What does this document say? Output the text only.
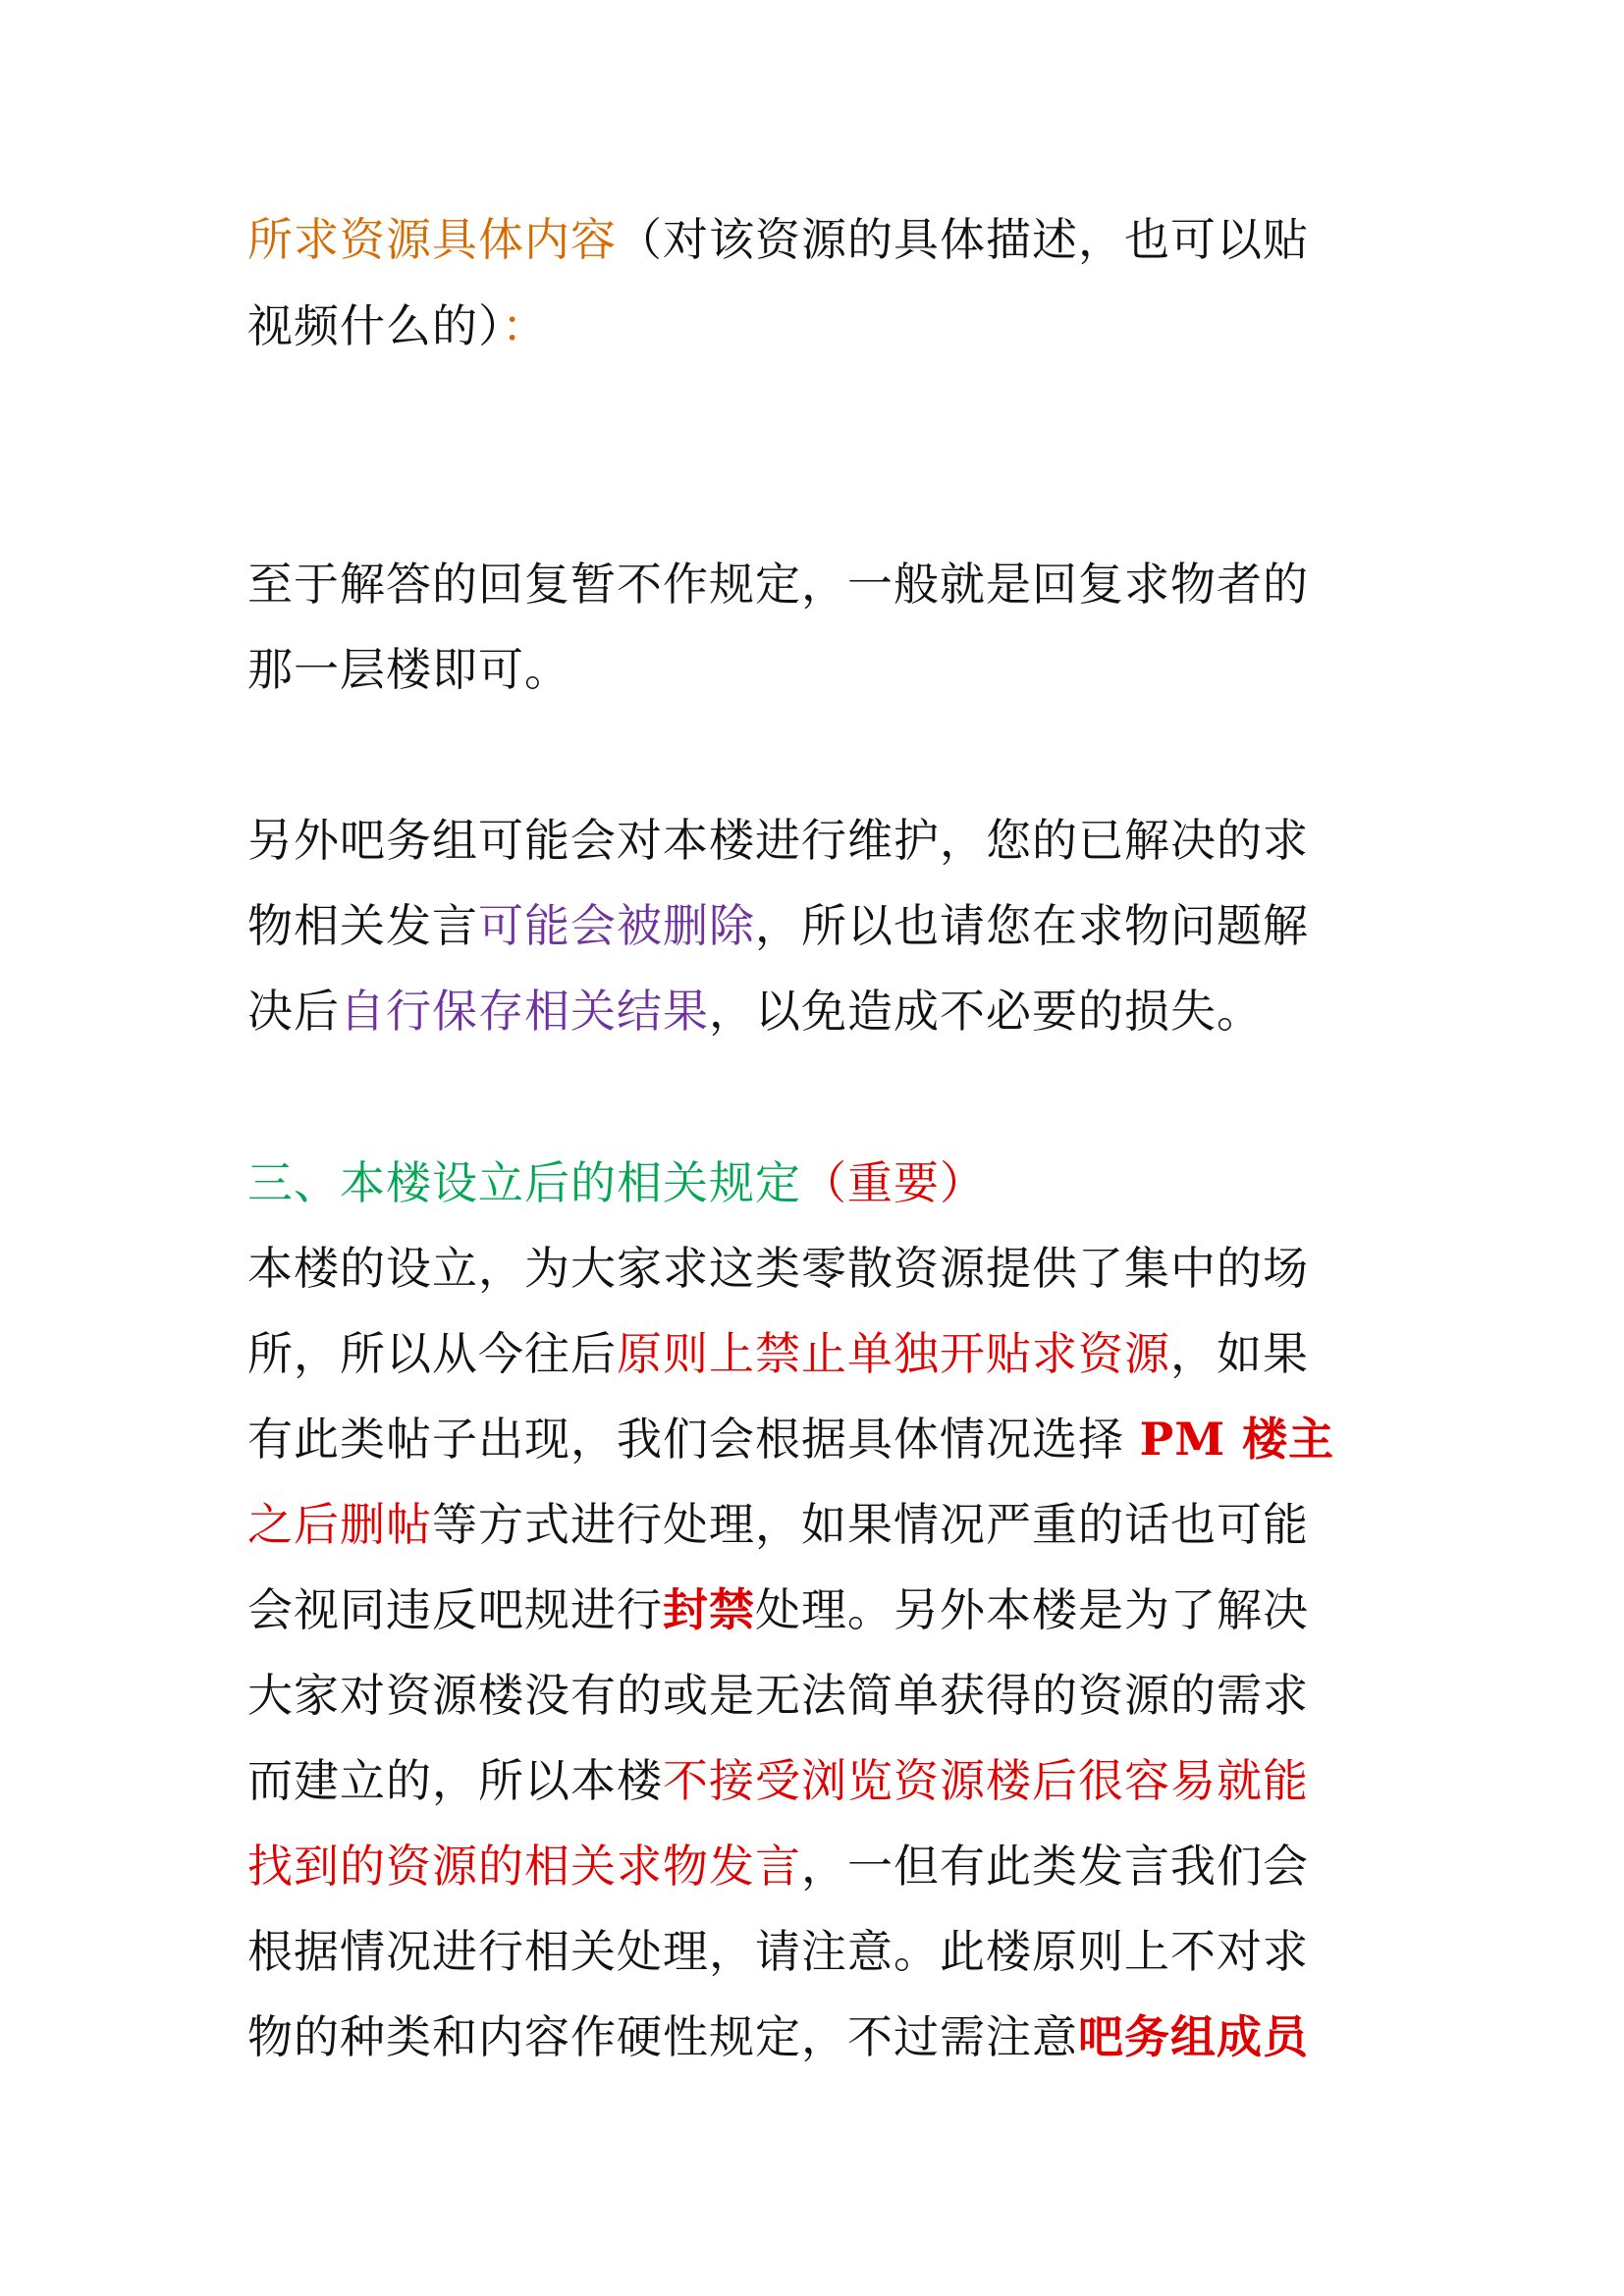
所求资源具体内容（对该资源的具体描述，也可以贴
视频什么的）：
至于解答的回复暂不作规定，一般就是回复求物者的
那一层楼即可。
另外吧务组可能会对本楼进行维护，您的已解决的求
物相关发言可能会被删除，所以也请您在求物问题解
决后自行保存相关结果，以免造成不必要的损失。
三、本楼设立后的相关规定（重要）
本楼的设立，为大家求这类零散资源提供了集中的场
所，所以从今往后原则上禁止单独开贴求资源，如果
有此类帖子出现，我们会根据具体情况选择 PM 楼主
之后删帖等方式进行处理，如果情况严重的话也可能
会视同违反吧规进行封禁处理。另外本楼是为了解决
大家对资源楼没有的或是无法简单获得的资源的需求
而建立的，所以本楼不接受浏览资源楼后很容易就能
找到的资源的相关求物发言，一但有此类发言我们会
根据情况进行相关处理，请注意。此楼原则上不对求
物的种类和内容作硬性规定，不过需注意吧务组成员
